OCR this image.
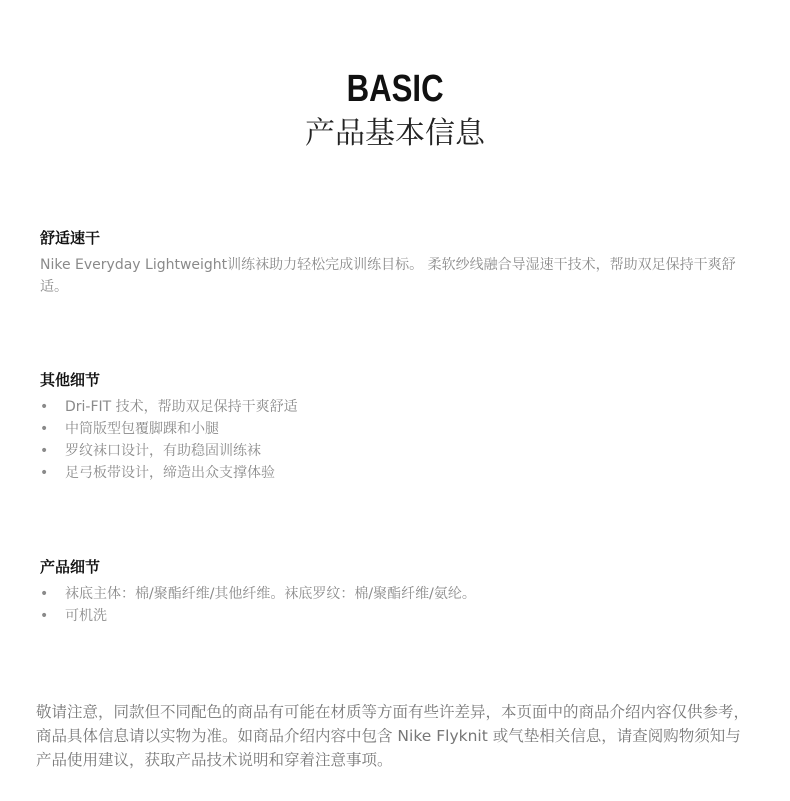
BASIC
产品基本信息
舒适速干
Nike Everyday Lightweight训练袜助力轻松完成训练目标。 柔软纱线融合导湿速干技术，帮助双足保持干爽舒适。
其他细节
• Dri-FIT 技术，帮助双足保持干爽舒适
• 中筒版型包覆脚踝和小腿
• 罗纹袜口设计，有助稳固训练袜
• 足弓板带设计，缔造出众支撑体验
产品细节
• 袜底主体：棉/聚酯纤维/其他纤维。袜底罗纹：棉/聚酯纤维/氨纶。
• 可机洗
敬请注意，同款但不同配色的商品有可能在材质等方面有些许差异，本页面中的商品介绍内容仅供参考，商品具体信息请以实物为准。如商品介绍内容中包含 Nike Flyknit 或气垫相关信息，请查阅购物须知与产品使用建议，获取产品技术说明和穿着注意事项。
